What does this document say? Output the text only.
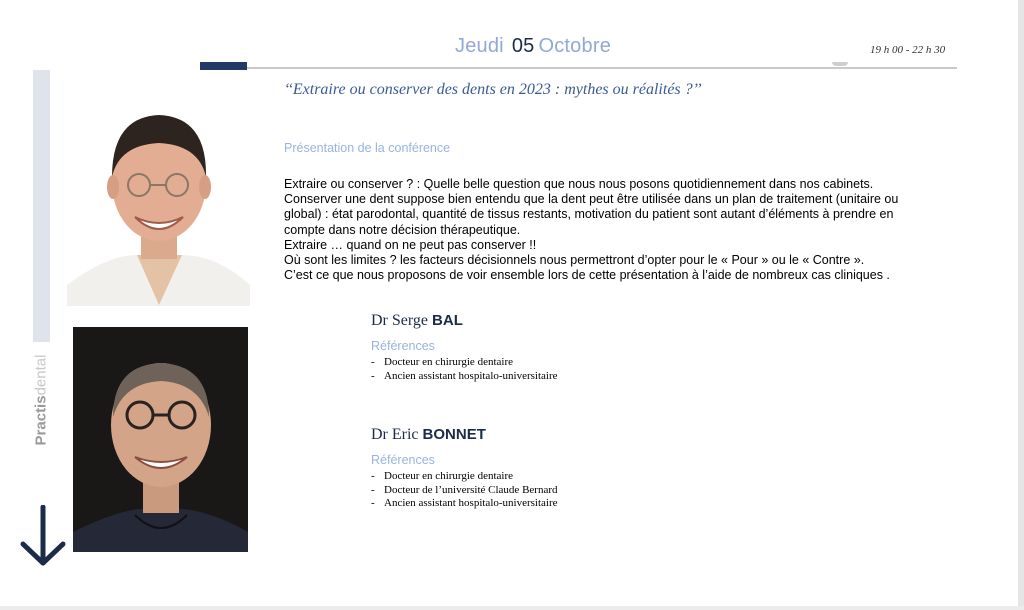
Jeudi 05 Octobre	19 h 00 - 22 h 30
Practisdental
‘‘Extraire ou conserver des dents en 2023 : mythes ou réalités ?’’
Présentation de la conférence
Extraire ou conserver ? : Quelle belle question que nous nous posons quotidiennement dans nos cabinets.
Conserver une dent suppose bien entendu que la dent peut être utilisée dans un plan de traitement (unitaire ou
global) : état parodontal, quantité de tissus restants, motivation du patient sont autant d’éléments à prendre en
compte dans notre décision thérapeutique.
Extraire … quand on ne peut pas conserver !!
Où sont les limites ? les facteurs décisionnels nous permettront d’opter pour le « Pour » ou le « Contre ».
C’est ce que nous proposons de voir ensemble lors de cette présentation à l’aide de nombreux cas cliniques .
Dr Serge BAL
Références
- Docteur en chirurgie dentaire
- Ancien assistant hospitalo-universitaire
Dr Eric BONNET
Références
- Docteur en chirurgie dentaire
- Docteur de l’université Claude Bernard
- Ancien assistant hospitalo-universitaire
